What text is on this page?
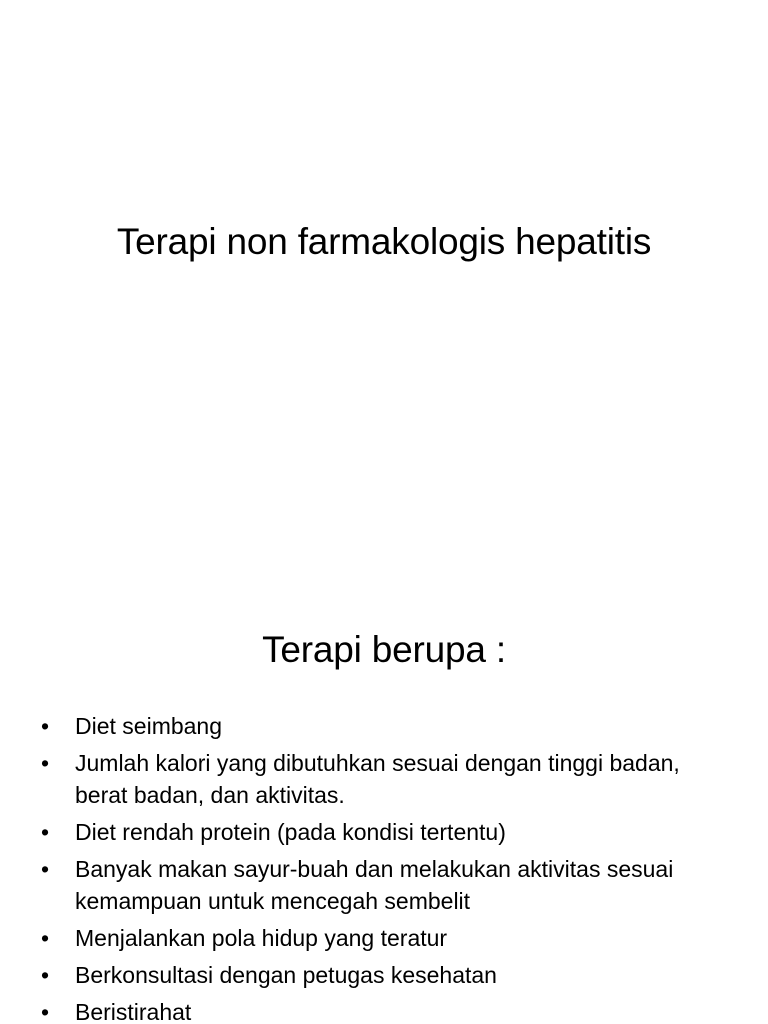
Terapi non farmakologis hepatitis
Terapi berupa :
• Diet seimbang
• Jumlah kalori yang dibutuhkan sesuai dengan tinggi badan, berat badan, dan aktivitas.
• Diet rendah protein (pada kondisi tertentu)
• Banyak makan sayur-buah dan melakukan aktivitas sesuai kemampuan untuk mencegah sembelit
• Menjalankan pola hidup yang teratur
• Berkonsultasi dengan petugas kesehatan
• Beristirahat
